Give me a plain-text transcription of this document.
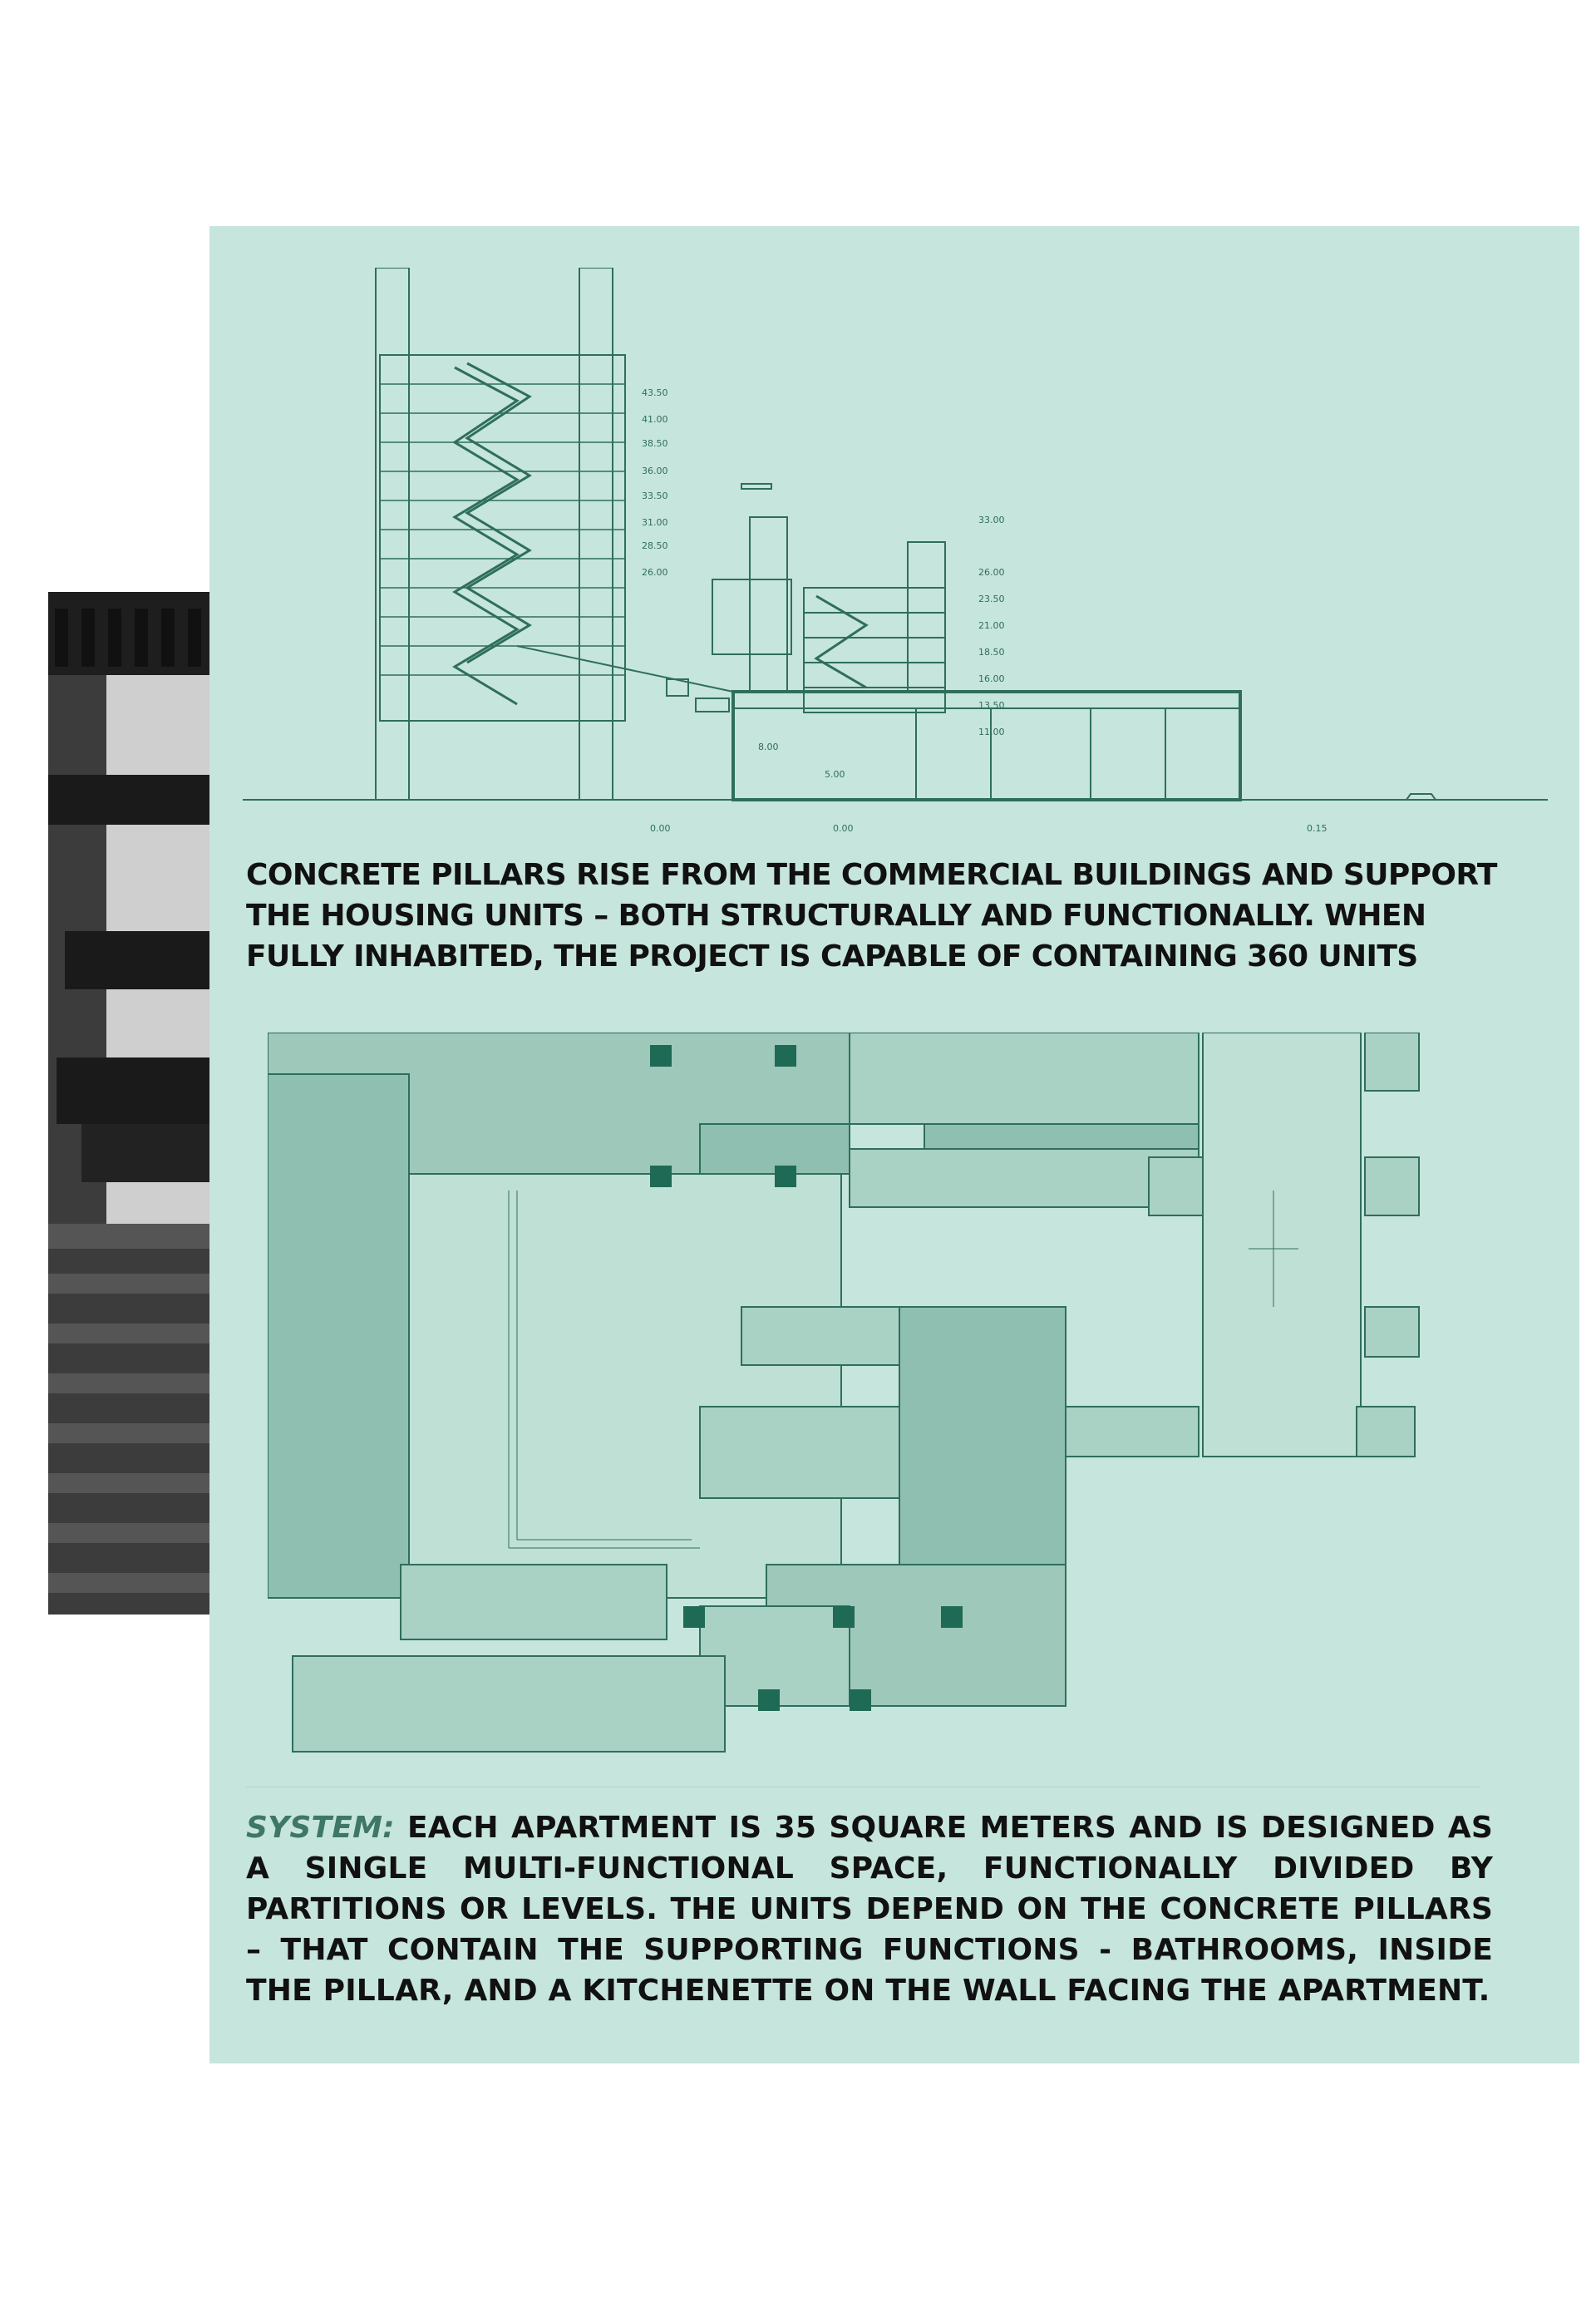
43.50
41.00
38.50
36.00
33.50
31.00
28.50
26.00
33.00
26.00
23.50
21.00
18.50
16.00
13.50
11.00
8.00
5.00
0.00	0.00	0.15
CONCRETE PILLARS RISE FROM THE COMMERCIAL BUILDINGS AND SUPPORT
THE HOUSING UNITS – BOTH STRUCTURALLY AND FUNCTIONALLY. WHEN
FULLY INHABITED, THE PROJECT IS CAPABLE OF CONTAINING 360 UNITS
SYSTEM: EACH APARTMENT IS 35 SQUARE METERS AND IS DESIGNED AS A SINGLE MULTI-FUNCTIONAL SPACE, FUNCTIONALLY DIVIDED BY PARTITIONS OR LEVELS. THE UNITS DEPEND ON THE CONCRETE PILLARS – THAT CONTAIN THE SUPPORTING FUNCTIONS - BATHROOMS, INSIDE THE PILLAR, AND A KITCHENETTE ON THE WALL FACING THE APARTMENT.
